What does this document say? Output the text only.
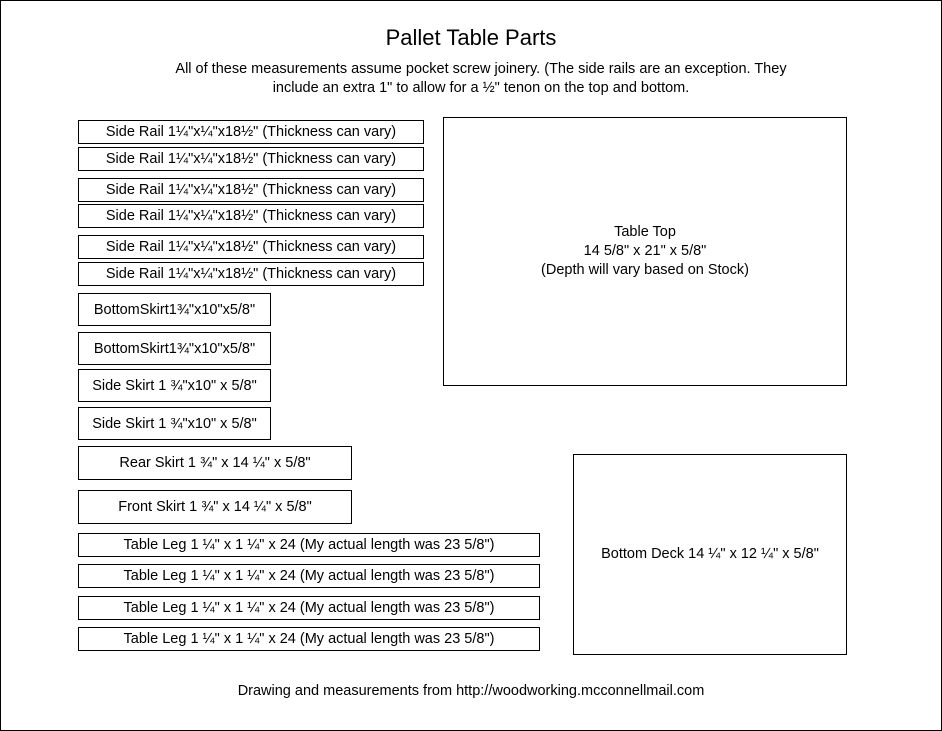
Pallet Table Parts
All of these measurements assume pocket screw joinery. (The side rails are an exception. They
include an extra 1" to allow for a ½" tenon on the top and bottom.
Side Rail 1¼"x¼"x18½" (Thickness can vary)
Side Rail 1¼"x¼"x18½" (Thickness can vary)
Side Rail 1¼"x¼"x18½" (Thickness can vary)
Side Rail 1¼"x¼"x18½" (Thickness can vary)
Side Rail 1¼"x¼"x18½" (Thickness can vary)
Side Rail 1¼"x¼"x18½" (Thickness can vary)
BottomSkirt1¾"x10"x5/8"
BottomSkirt1¾"x10"x5/8"
Side Skirt 1 ¾"x10" x 5/8"
Side Skirt 1 ¾"x10" x 5/8"
Rear Skirt 1 ¾" x 14 ¼" x 5/8"
Front Skirt 1 ¾" x 14 ¼" x 5/8"
Table Leg 1 ¼" x 1 ¼" x 24 (My actual length was 23 5/8")
Table Leg 1 ¼" x 1 ¼" x 24 (My actual length was 23 5/8")
Table Leg 1 ¼" x 1 ¼" x 24 (My actual length was 23 5/8")
Table Leg 1 ¼" x 1 ¼" x 24 (My actual length was 23 5/8")
Table Top
14 5/8" x 21" x 5/8"
(Depth will vary based on Stock)
Bottom Deck 14 ¼" x 12 ¼" x 5/8"
Drawing and measurements from http://woodworking.mcconnellmail.com
